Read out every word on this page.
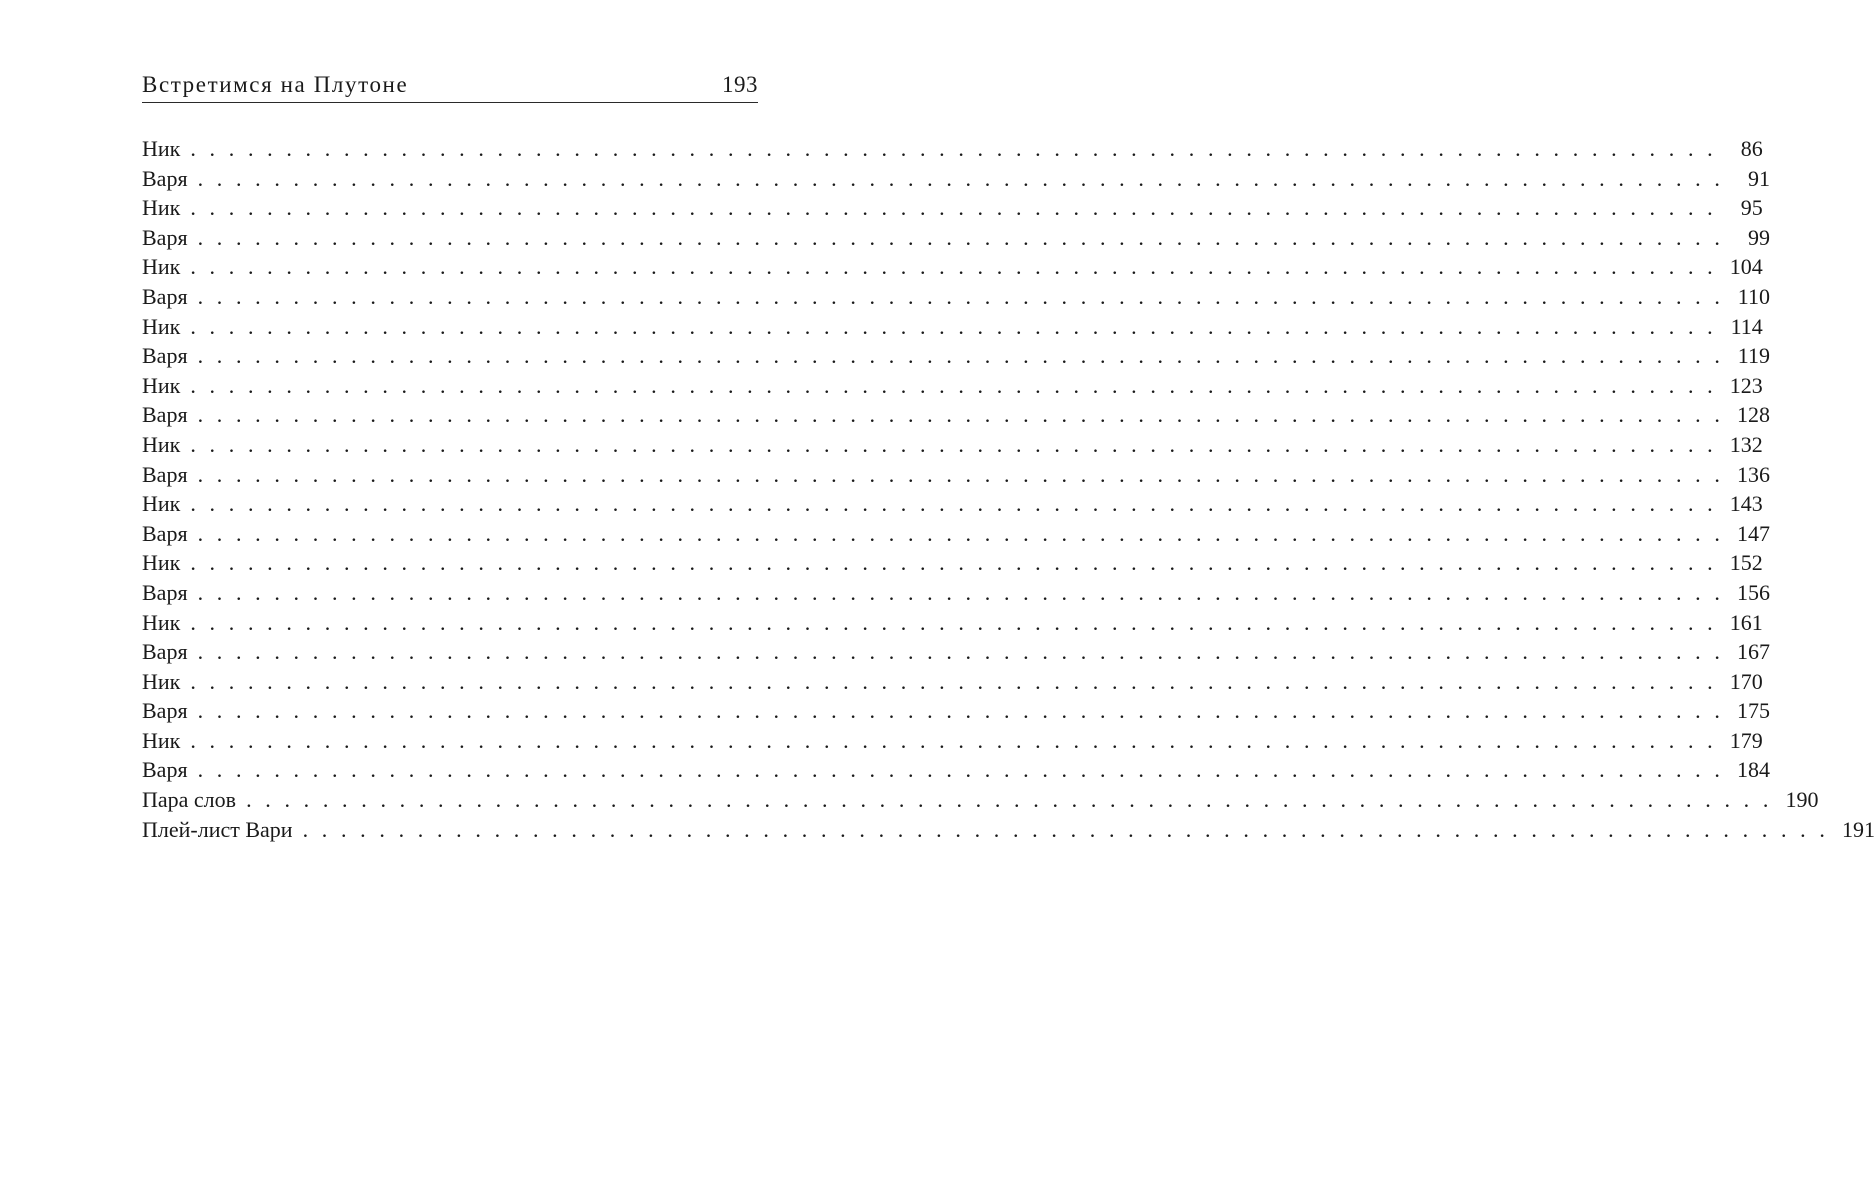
Встретимся на Плутоне	193
Ник . . . . . . . . . . . . . . . . . . . . . . . . . . . . . . . . . . . . . . . . . . . . . . . . . . . . . . . . . . . . . . . . . . . . . . . . . . . . . . . .	86
Варя . . . . . . . . . . . . . . . . . . . . . . . . . . . . . . . . . . . . . . . . . . . . . . . . . . . . . . . . . . . . . . . . . . . . . . . . . . . . . . . .	91
Ник . . . . . . . . . . . . . . . . . . . . . . . . . . . . . . . . . . . . . . . . . . . . . . . . . . . . . . . . . . . . . . . . . . . . . . . . . . . . . . . .	95
Варя . . . . . . . . . . . . . . . . . . . . . . . . . . . . . . . . . . . . . . . . . . . . . . . . . . . . . . . . . . . . . . . . . . . . . . . . . . . . . . . .	99
Ник . . . . . . . . . . . . . . . . . . . . . . . . . . . . . . . . . . . . . . . . . . . . . . . . . . . . . . . . . . . . . . . . . . . . . . . . . . . . . . . . 104
Варя . . . . . . . . . . . . . . . . . . . . . . . . . . . . . . . . . . . . . . . . . . . . . . . . . . . . . . . . . . . . . . . . . . . . . . . . . . . . . . . . 110
Ник . . . . . . . . . . . . . . . . . . . . . . . . . . . . . . . . . . . . . . . . . . . . . . . . . . . . . . . . . . . . . . . . . . . . . . . . . . . . . . . . 114
Варя . . . . . . . . . . . . . . . . . . . . . . . . . . . . . . . . . . . . . . . . . . . . . . . . . . . . . . . . . . . . . . . . . . . . . . . . . . . . . . . . 119
Ник . . . . . . . . . . . . . . . . . . . . . . . . . . . . . . . . . . . . . . . . . . . . . . . . . . . . . . . . . . . . . . . . . . . . . . . . . . . . . . . . 123
Варя . . . . . . . . . . . . . . . . . . . . . . . . . . . . . . . . . . . . . . . . . . . . . . . . . . . . . . . . . . . . . . . . . . . . . . . . . . . . . . . . 128
Ник . . . . . . . . . . . . . . . . . . . . . . . . . . . . . . . . . . . . . . . . . . . . . . . . . . . . . . . . . . . . . . . . . . . . . . . . . . . . . . . . 132
Варя . . . . . . . . . . . . . . . . . . . . . . . . . . . . . . . . . . . . . . . . . . . . . . . . . . . . . . . . . . . . . . . . . . . . . . . . . . . . . . . . 136
Ник . . . . . . . . . . . . . . . . . . . . . . . . . . . . . . . . . . . . . . . . . . . . . . . . . . . . . . . . . . . . . . . . . . . . . . . . . . . . . . . . 143
Варя . . . . . . . . . . . . . . . . . . . . . . . . . . . . . . . . . . . . . . . . . . . . . . . . . . . . . . . . . . . . . . . . . . . . . . . . . . . . . . . . 147
Ник . . . . . . . . . . . . . . . . . . . . . . . . . . . . . . . . . . . . . . . . . . . . . . . . . . . . . . . . . . . . . . . . . . . . . . . . . . . . . . . . 152
Варя . . . . . . . . . . . . . . . . . . . . . . . . . . . . . . . . . . . . . . . . . . . . . . . . . . . . . . . . . . . . . . . . . . . . . . . . . . . . . . . . 156
Ник . . . . . . . . . . . . . . . . . . . . . . . . . . . . . . . . . . . . . . . . . . . . . . . . . . . . . . . . . . . . . . . . . . . . . . . . . . . . . . . . 161
Варя . . . . . . . . . . . . . . . . . . . . . . . . . . . . . . . . . . . . . . . . . . . . . . . . . . . . . . . . . . . . . . . . . . . . . . . . . . . . . . . . 167
Ник . . . . . . . . . . . . . . . . . . . . . . . . . . . . . . . . . . . . . . . . . . . . . . . . . . . . . . . . . . . . . . . . . . . . . . . . . . . . . . . . 170
Варя . . . . . . . . . . . . . . . . . . . . . . . . . . . . . . . . . . . . . . . . . . . . . . . . . . . . . . . . . . . . . . . . . . . . . . . . . . . . . . . . 175
Ник . . . . . . . . . . . . . . . . . . . . . . . . . . . . . . . . . . . . . . . . . . . . . . . . . . . . . . . . . . . . . . . . . . . . . . . . . . . . . . . . 179
Варя . . . . . . . . . . . . . . . . . . . . . . . . . . . . . . . . . . . . . . . . . . . . . . . . . . . . . . . . . . . . . . . . . . . . . . . . . . . . . . . . 184
Пара слов . . . . . . . . . . . . . . . . . . . . . . . . . . . . . . . . . . . . . . . . . . . . . . . . . . . . . . . . . . . . . . . . . . . . . . . . . . . . . . . . 190
Плей-лист Вари . . . . . . . . . . . . . . . . . . . . . . . . . . . . . . . . . . . . . . . . . . . . . . . . . . . . . . . . . . . . . . . . . . . . . . . . . . . . . . . . 191
